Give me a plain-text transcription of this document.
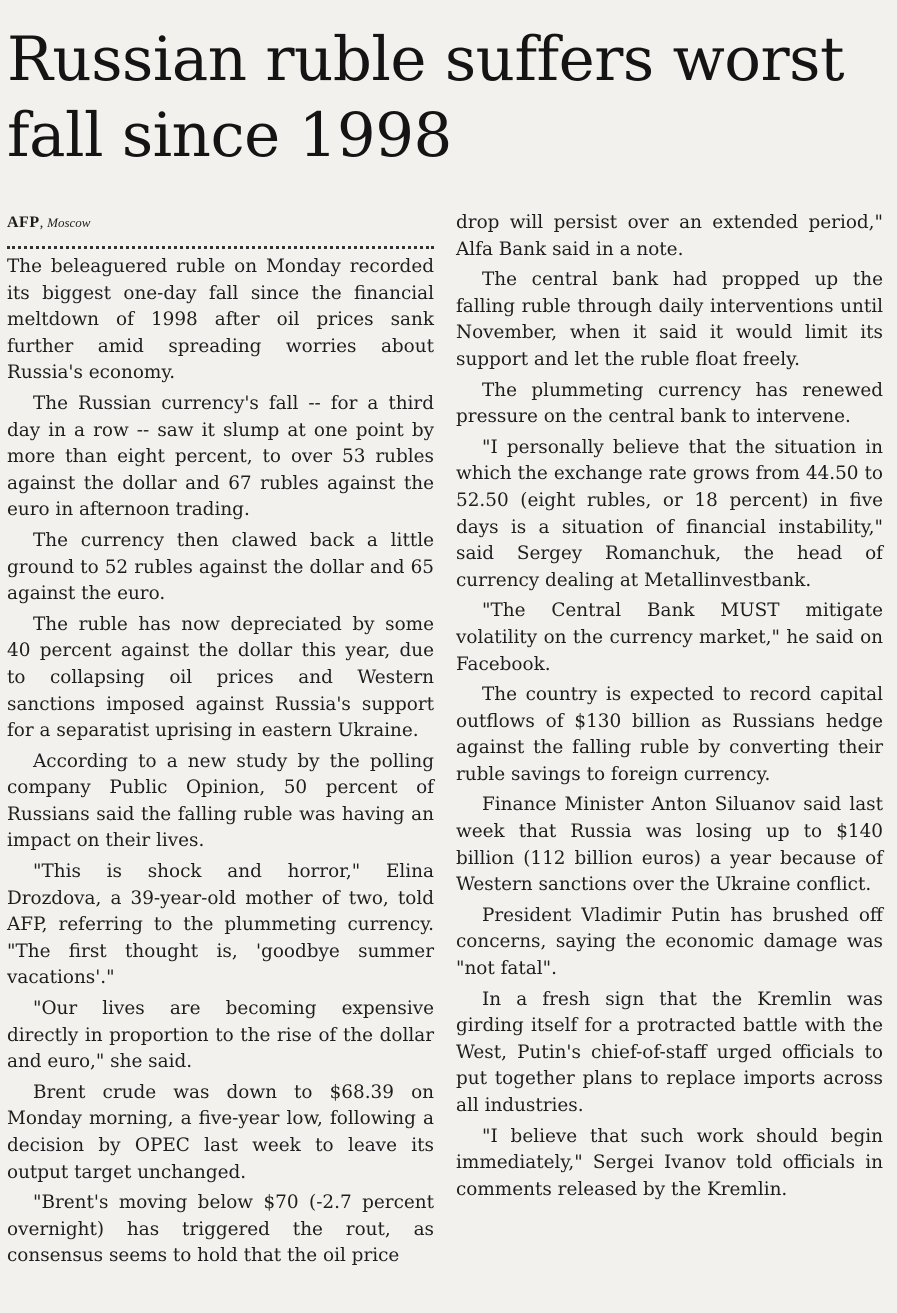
Russian ruble suffers worst fall since 1998
AFP, Moscow

The beleaguered ruble on Monday recorded its biggest one-day fall since the financial meltdown of 1998 after oil prices sank further amid spreading worries about Russia's economy.

The Russian currency's fall -- for a third day in a row -- saw it slump at one point by more than eight percent, to over 53 rubles against the dollar and 67 rubles against the euro in afternoon trading.

The currency then clawed back a little ground to 52 rubles against the dollar and 65 against the euro.

The ruble has now depreciated by some 40 percent against the dollar this year, due to collapsing oil prices and Western sanctions imposed against Russia's support for a separatist uprising in eastern Ukraine.

According to a new study by the polling company Public Opinion, 50 percent of Russians said the falling ruble was having an impact on their lives.

"This is shock and horror," Elina Drozdova, a 39-year-old mother of two, told AFP, referring to the plummeting currency. "The first thought is, 'goodbye summer vacations'."

"Our lives are becoming expensive directly in proportion to the rise of the dollar and euro," she said.

Brent crude was down to $68.39 on Monday morning, a five-year low, following a decision by OPEC last week to leave its output target unchanged.

"Brent's moving below $70 (-2.7 percent overnight) has triggered the rout, as consensus seems to hold that the oil price

drop will persist over an extended period," Alfa Bank said in a note.

The central bank had propped up the falling ruble through daily interventions until November, when it said it would limit its support and let the ruble float freely.

The plummeting currency has renewed pressure on the central bank to intervene.

"I personally believe that the situation in which the exchange rate grows from 44.50 to 52.50 (eight rubles, or 18 percent) in five days is a situation of financial instability," said Sergey Romanchuk, the head of currency dealing at Metallinvestbank.

"The Central Bank MUST mitigate volatility on the currency market," he said on Facebook.

The country is expected to record capital outflows of $130 billion as Russians hedge against the falling ruble by converting their ruble savings to foreign currency.

Finance Minister Anton Siluanov said last week that Russia was losing up to $140 billion (112 billion euros) a year because of Western sanctions over the Ukraine conflict.

President Vladimir Putin has brushed off concerns, saying the economic damage was "not fatal".

In a fresh sign that the Kremlin was girding itself for a protracted battle with the West, Putin's chief-of-staff urged officials to put together plans to replace imports across all industries.

"I believe that such work should begin immediately," Sergei Ivanov told officials in comments released by the Kremlin.
